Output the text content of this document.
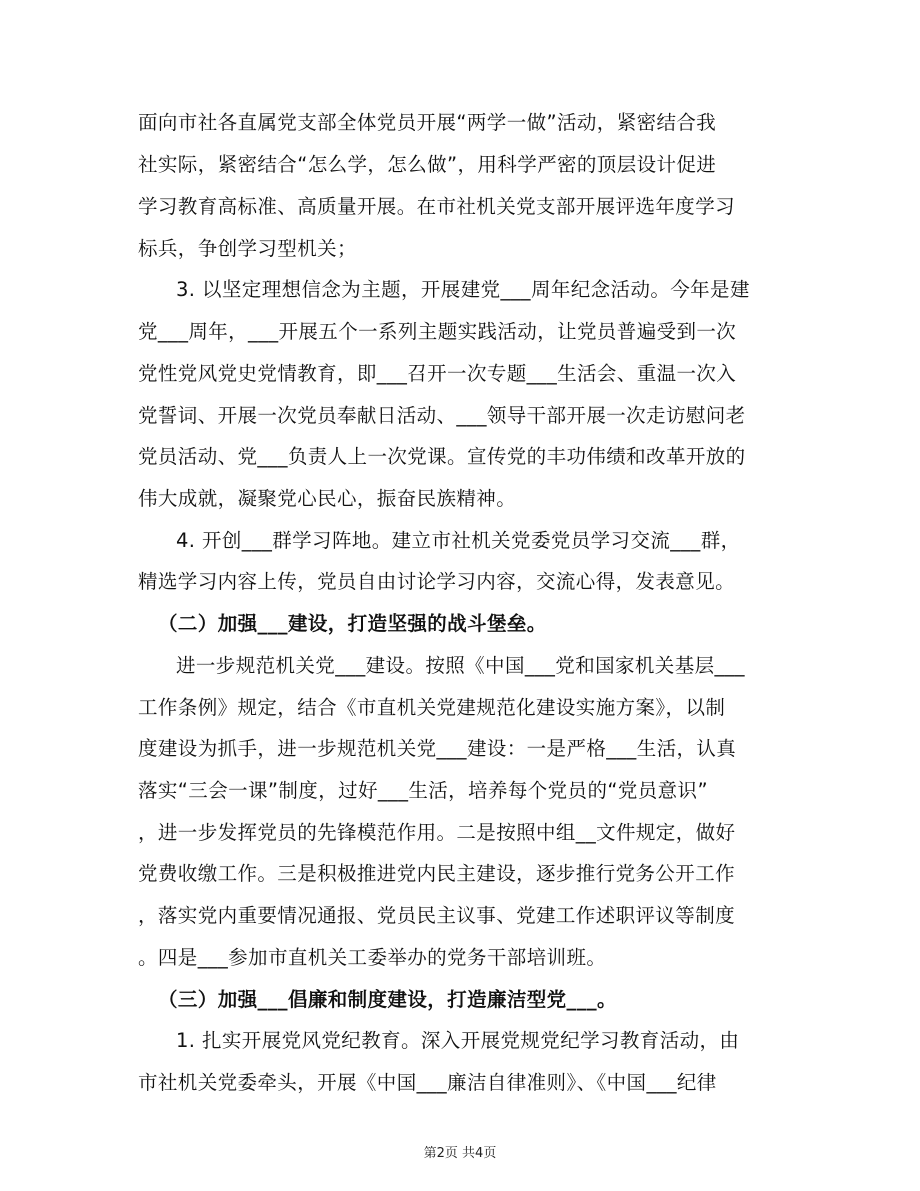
面向市社各直属党支部全体党员开展“两学一做”活动，紧密结合我
社实际，紧密结合“怎么学，怎么做”，用科学严密的顶层设计促进
学习教育高标准、高质量开展。在市社机关党支部开展评选年度学习
标兵，争创学习型机关；
3. 以坚定理想信念为主题，开展建党___周年纪念活动。今年是建
党___周年，___开展五个一系列主题实践活动，让党员普遍受到一次
党性党风党史党情教育，即___召开一次专题___生活会、重温一次入
党誓词、开展一次党员奉献日活动、___领导干部开展一次走访慰问老
党员活动、党___负责人上一次党课。宣传党的丰功伟绩和改革开放的
伟大成就，凝聚党心民心，振奋民族精神。
4. 开创___群学习阵地。建立市社机关党委党员学习交流___群，
精选学习内容上传，党员自由讨论学习内容，交流心得，发表意见。
（二）加强___建设，打造坚强的战斗堡垒。
进一步规范机关党___建设。按照《中国___党和国家机关基层___
工作条例》规定，结合《市直机关党建规范化建设实施方案》，以制
度建设为抓手，进一步规范机关党___建设：一是严格___生活，认真
落实“三会一课”制度，过好___生活，培养每个党员的“党员意识”
，进一步发挥党员的先锋模范作用。二是按照中组__文件规定，做好
党费收缴工作。三是积极推进党内民主建设，逐步推行党务公开工作
，落实党内重要情况通报、党员民主议事、党建工作述职评议等制度
。四是___参加市直机关工委举办的党务干部培训班。
（三）加强___倡廉和制度建设，打造廉洁型党___。
1. 扎实开展党风党纪教育。深入开展党规党纪学习教育活动，由
市社机关党委牵头，开展《中国___廉洁自律准则》、《中国___纪律
第2页 共4页
